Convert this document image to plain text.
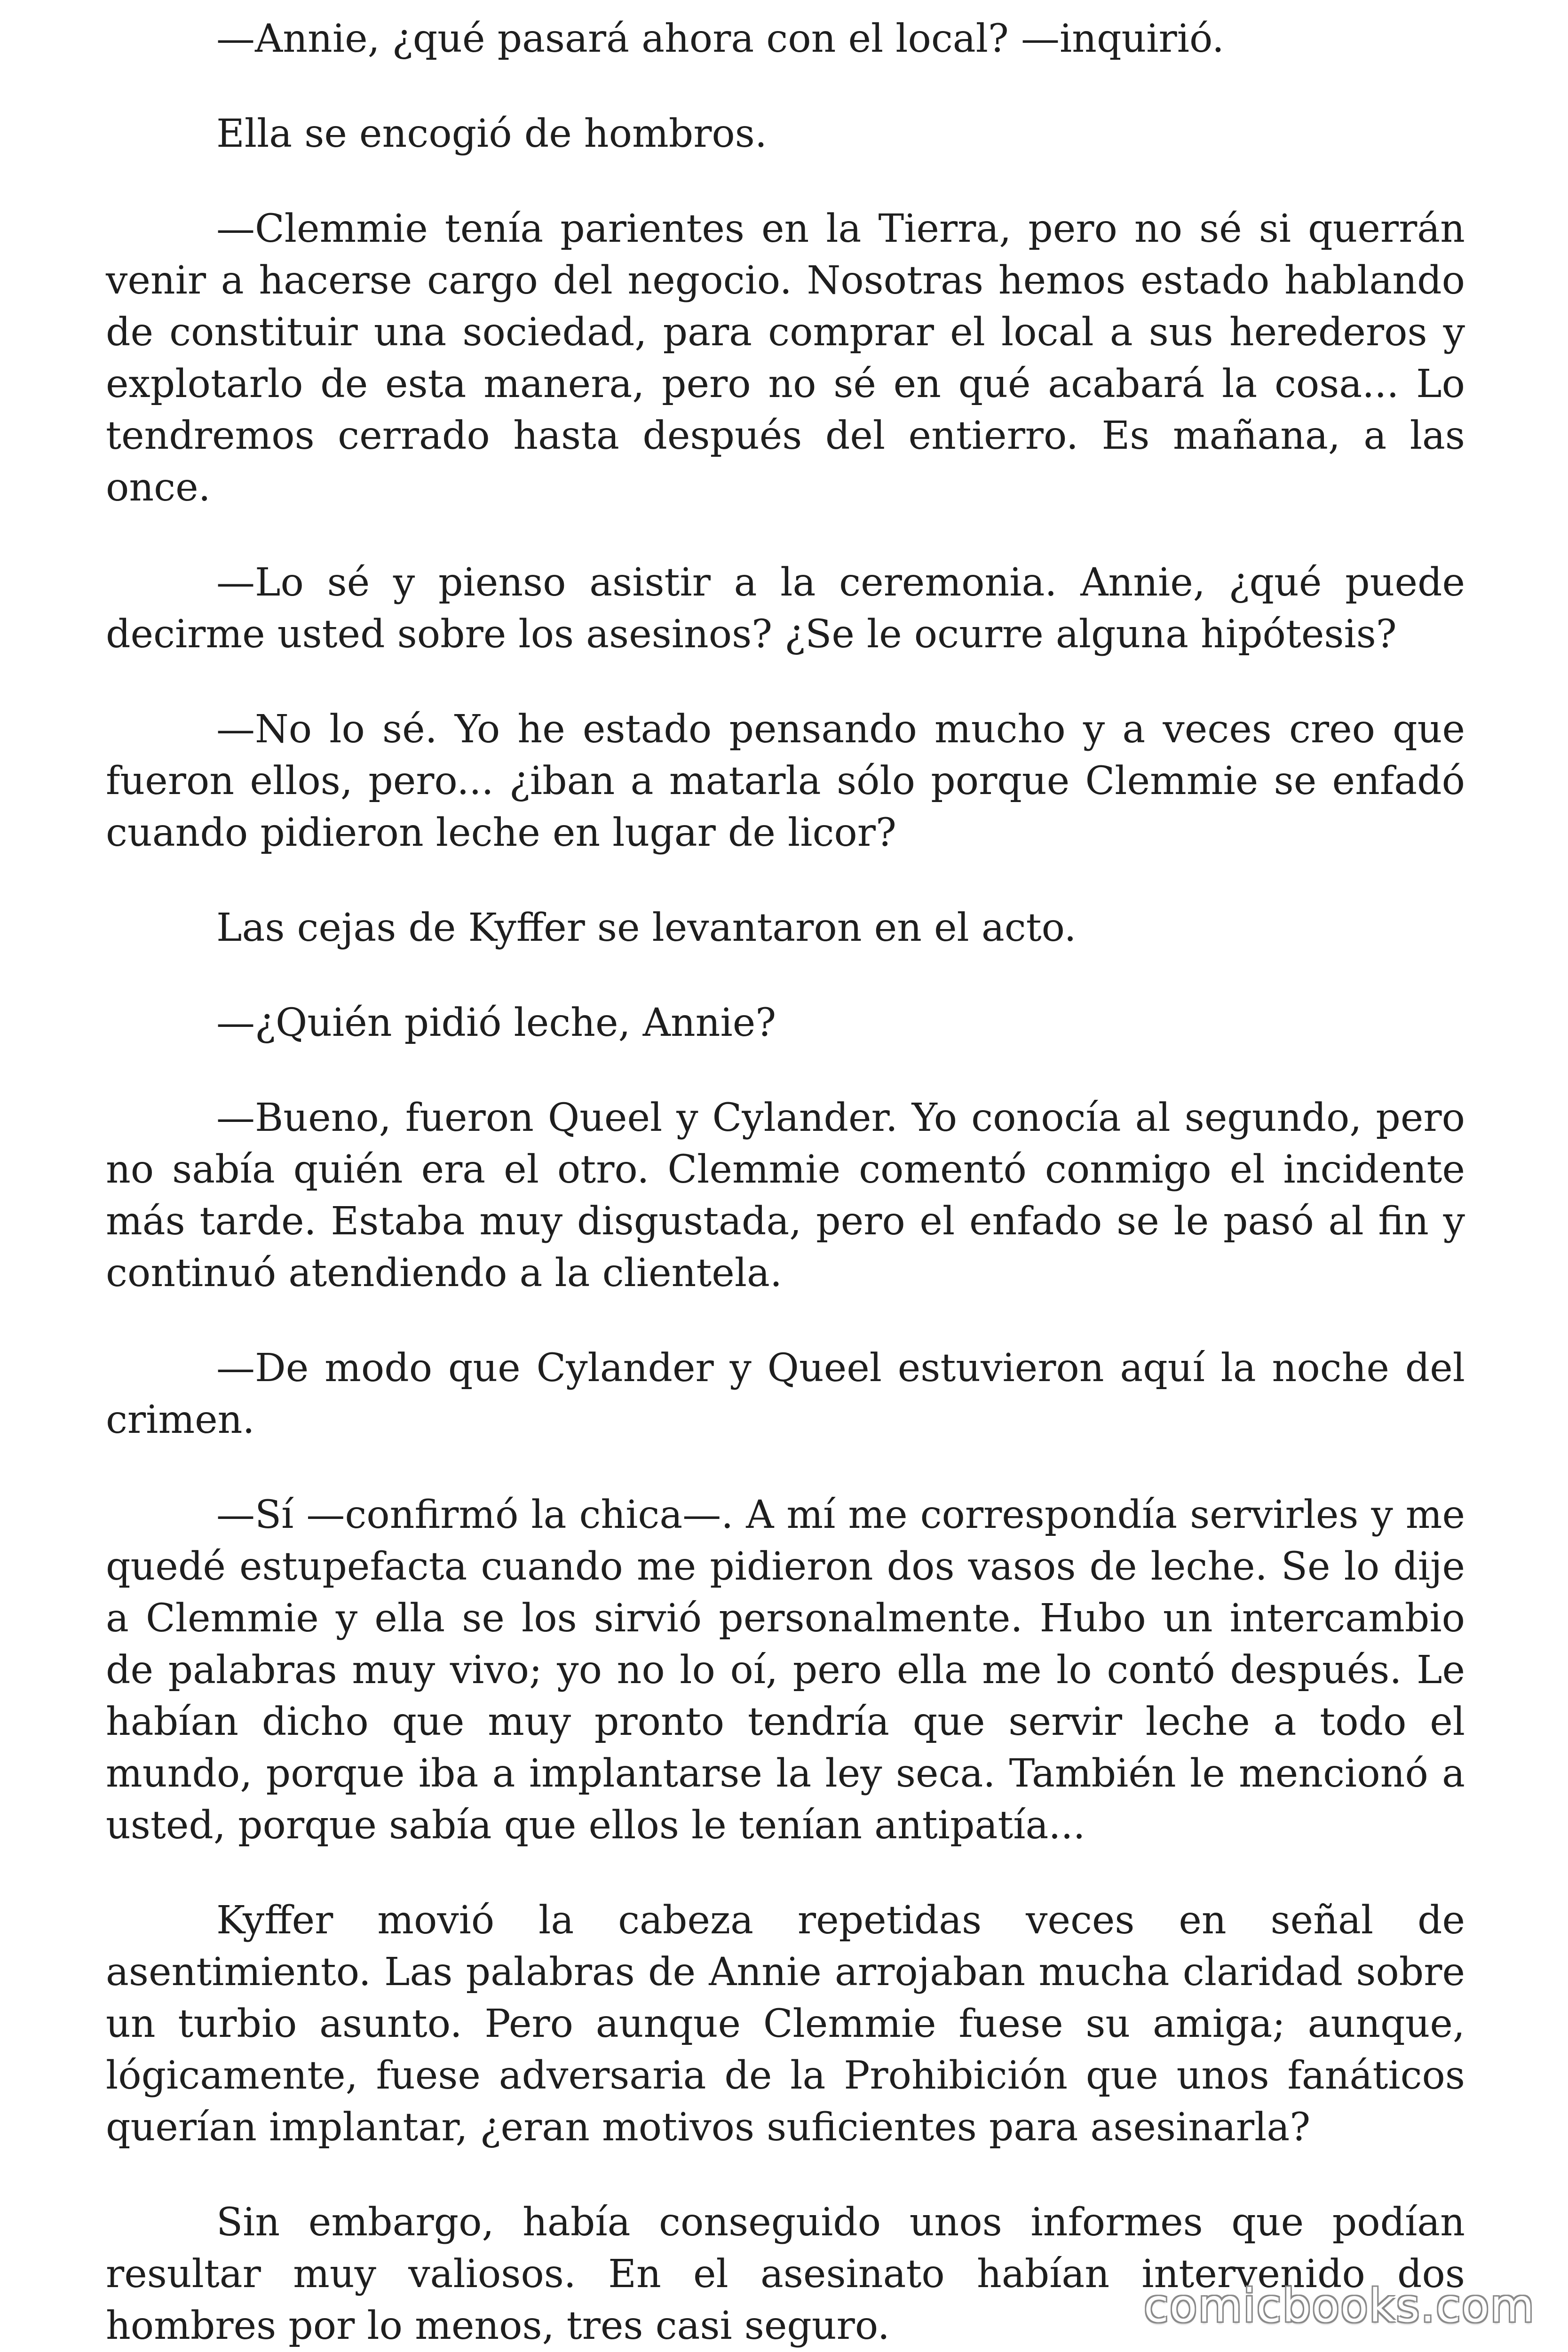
—Annie, ¿qué pasará ahora con el local? —inquirió.

Ella se encogió de hombros.

—Clemmie tenía parientes en la Tierra, pero no sé si querrán venir a hacerse cargo del negocio. Nosotras hemos estado hablando de constituir una sociedad, para comprar el local a sus herederos y explotarlo de esta manera, pero no sé en qué acabará la cosa... Lo tendremos cerrado hasta después del entierro. Es mañana, a las once.

—Lo sé y pienso asistir a la ceremonia. Annie, ¿qué puede decirme usted sobre los asesinos? ¿Se le ocurre alguna hipótesis?

—No lo sé. Yo he estado pensando mucho y a veces creo que fueron ellos, pero... ¿iban a matarla sólo porque Clemmie se enfadó cuando pidieron leche en lugar de licor?

Las cejas de Kyffer se levantaron en el acto.

—¿Quién pidió leche, Annie?

—Bueno, fueron Queel y Cylander. Yo conocía al segundo, pero no sabía quién era el otro. Clemmie comentó conmigo el incidente más tarde. Estaba muy disgustada, pero el enfado se le pasó al fin y continuó atendiendo a la clientela.

—De modo que Cylander y Queel estuvieron aquí la noche del crimen.

—Sí —confirmó la chica—. A mí me correspondía servirles y me quedé estupefacta cuando me pidieron dos vasos de leche. Se lo dije a Clemmie y ella se los sirvió personalmente. Hubo un intercambio de palabras muy vivo; yo no lo oí, pero ella me lo contó después. Le habían dicho que muy pronto tendría que servir leche a todo el mundo, porque iba a implantarse la ley seca. También le mencionó a usted, porque sabía que ellos le tenían antipatía...

Kyffer movió la cabeza repetidas veces en señal de asentimiento. Las palabras de Annie arrojaban mucha claridad sobre un turbio asunto. Pero aunque Clemmie fuese su amiga; aunque, lógicamente, fuese adversaria de la Prohibición que unos fanáticos querían implantar, ¿eran motivos suficientes para asesinarla?

Sin embargo, había conseguido unos informes que podían resultar muy valiosos. En el asesinato habían intervenido dos hombres por lo menos, tres casi seguro.	comicbooks.com
